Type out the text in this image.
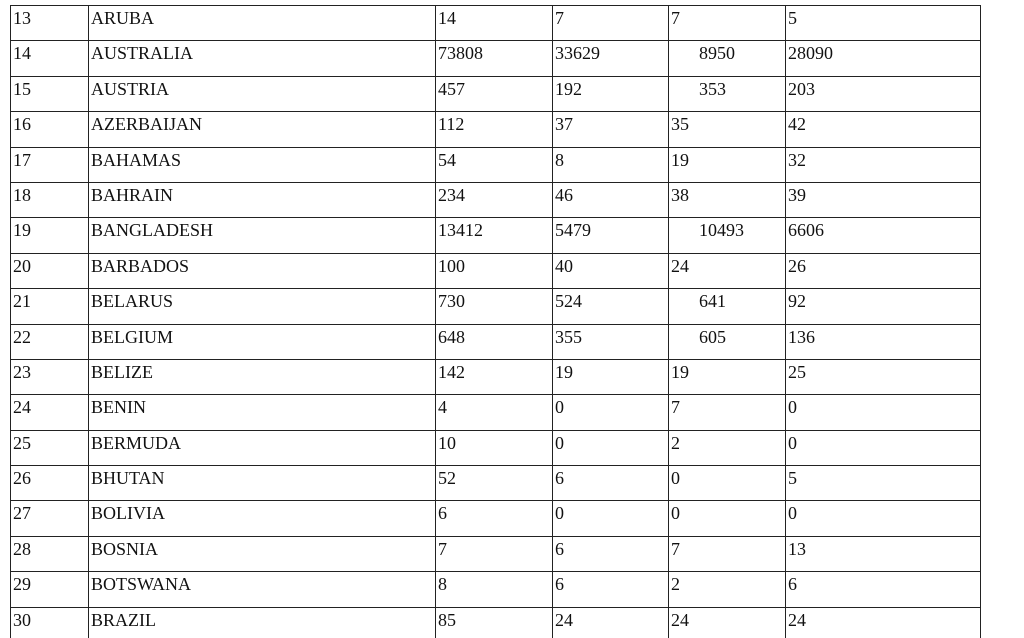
13	ARUBA	14	7	7	5
14	AUSTRALIA	73808	33629	8950	28090
15	AUSTRIA	457	192	353	203
16	AZERBAIJAN	112	37	35	42
17	BAHAMAS	54	8	19	32
18	BAHRAIN	234	46	38	39
19	BANGLADESH	13412	5479	10493	6606
20	BARBADOS	100	40	24	26
21	BELARUS	730	524	641	92
22	BELGIUM	648	355	605	136
23	BELIZE	142	19	19	25
24	BENIN	4	0	7	0
25	BERMUDA	10	0	2	0
26	BHUTAN	52	6	0	5
27	BOLIVIA	6	0	0	0
28	BOSNIA	7	6	7	13
29	BOTSWANA	8	6	2	6
30	BRAZIL	85	24	24	24
